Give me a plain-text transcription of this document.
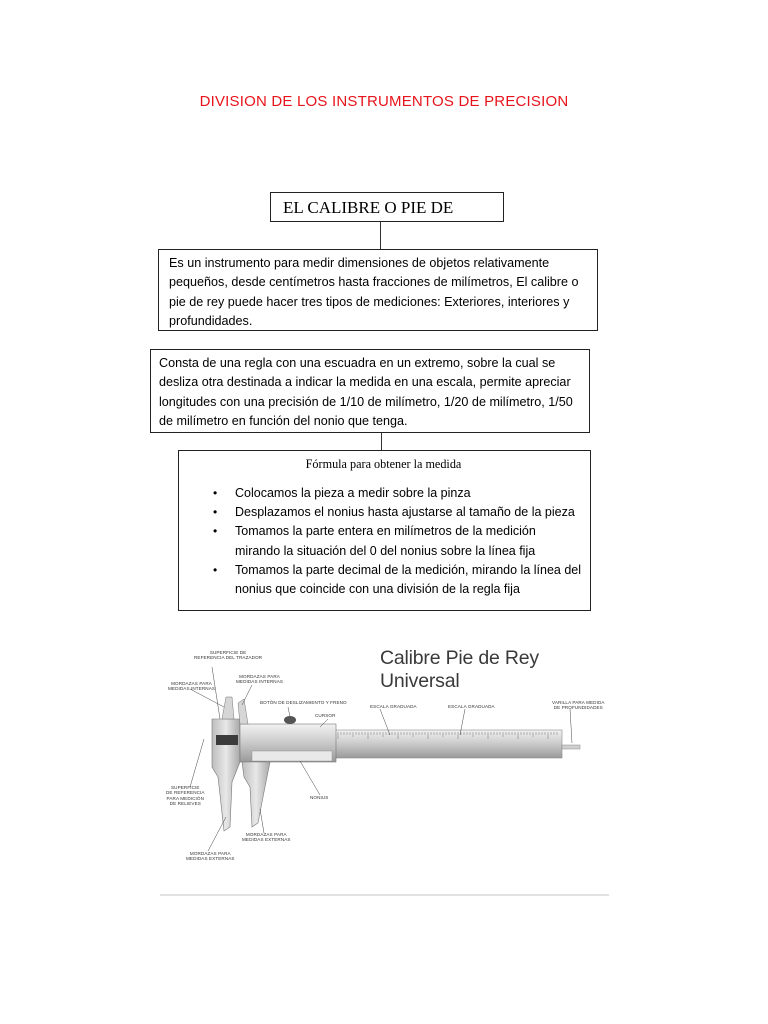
DIVISION DE LOS INSTRUMENTOS DE PRECISION
EL CALIBRE O PIE DE
Es un instrumento para medir dimensiones de objetos relativamente pequeños, desde centímetros hasta fracciones de milímetros, El calibre o pie de rey puede hacer tres tipos de mediciones: Exteriores, interiores y profundidades.
Consta de una regla con una escuadra en un extremo, sobre la cual se desliza otra destinada a indicar la medida en una escala, permite apreciar longitudes con una precisión de 1/10 de milímetro, 1/20 de milímetro, 1/50 de milímetro en función del nonio que tenga.
Fórmula para obtener la medida
• Colocamos la pieza a medir sobre la pinza
• Desplazamos el nonius hasta ajustarse al tamaño de la pieza
• Tomamos la parte entera en milímetros de la medición mirando la situación del 0 del nonius sobre la línea fija
• Tomamos la parte decimal de la medición, mirando la línea del nonius que coincide con una división de la regla fija
Calibre Pie de Rey Universal
SUPERFICIE DE
REFERENCIA DEL TRAZADOR
MORDAZAS PARA
MEDIDAS INTERNAS
MORDAZAS PARA
MEDIDAS INTERNAS
BOTÓN DE DESLIZAMIENTO Y FRENO
CURSOR
ESCALA GRADUADA	ESCALA GRADUADA
VARILLA PARA MEDIDA
DE PROFUNDIDADES
SUPERFICIE
DE REFERENCIA
PARA MEDICIÓN
DE RELIEVES
NONIUS
MORDAZAS PARA
MEDIDAS EXTERNAS
MORDAZAS PARA
MEDIDAS EXTERNAS
